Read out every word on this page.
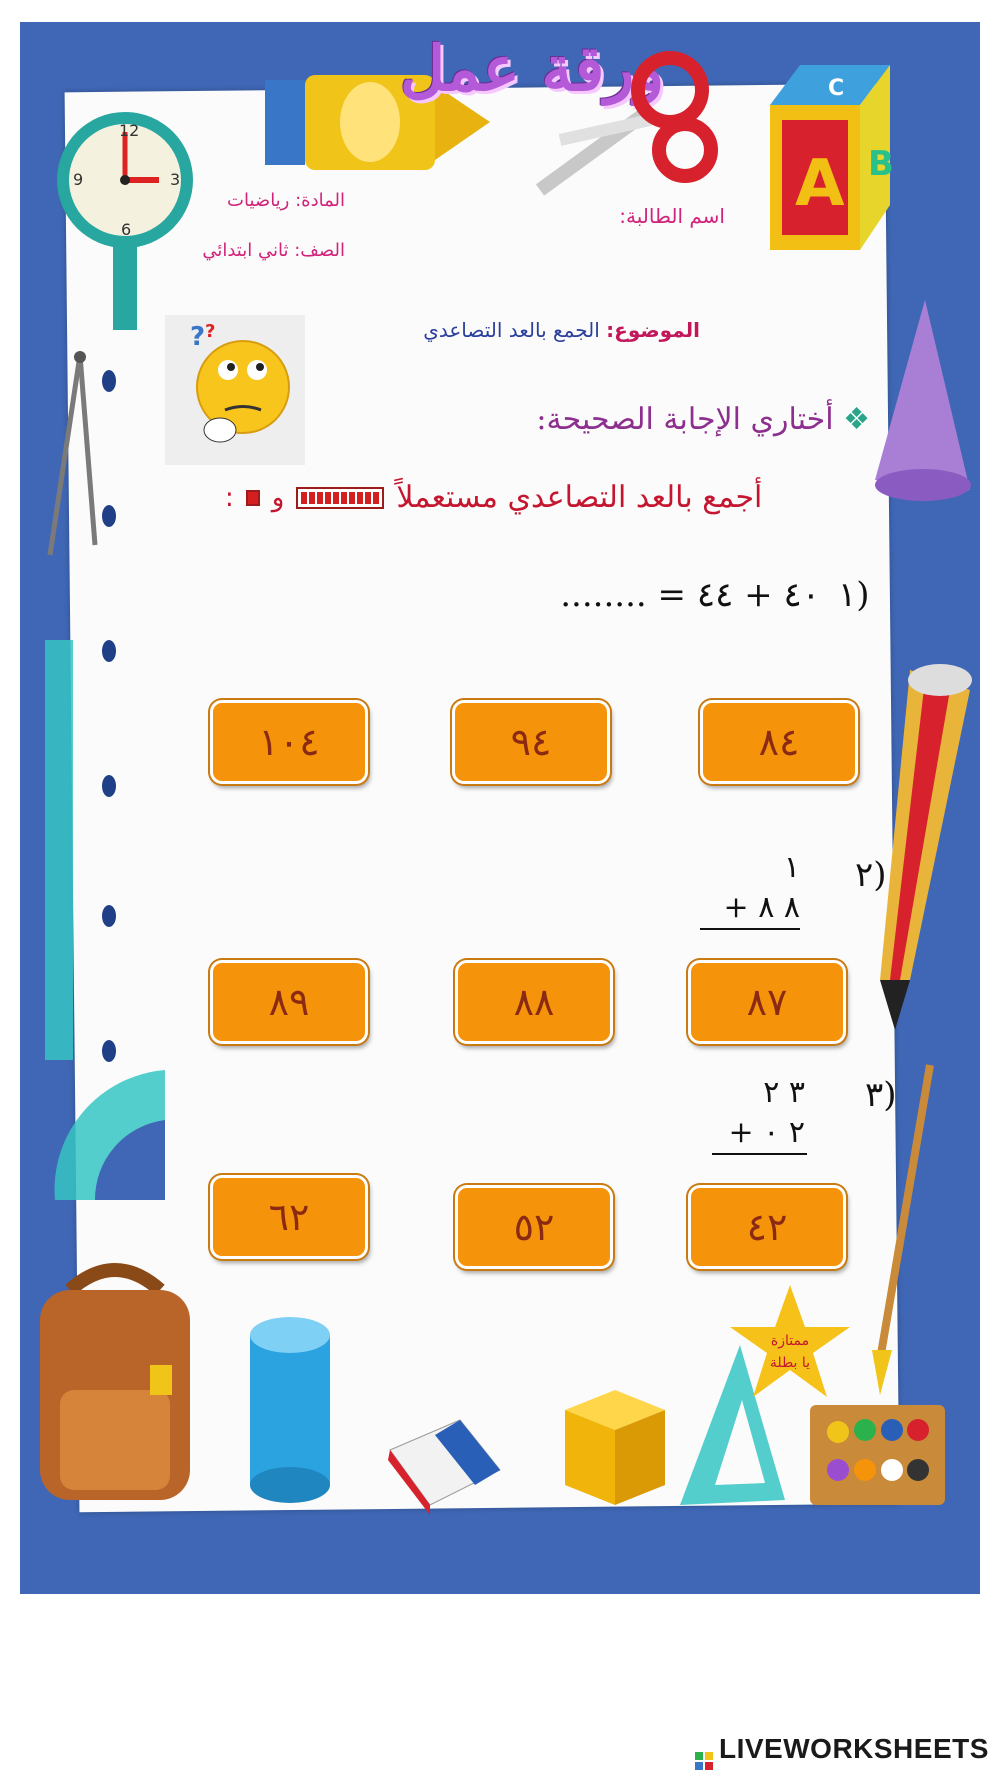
12
3
6
9
ورقة عمل
A B
C
المادة: رياضيات
الصف: ثاني ابتدائي
اسم الطالبة:
الموضوع: الجمع بالعد التصاعدي
? ?
❖ أختاري الإجابة الصحيحة:
أجمع بالعد التصاعدي مستعملاً
و
:
١)
٤٠ + ٤٤ = ........
٨٤
٩٤
١٠٤
٢)
١
+ ٨ ٨
٨٧
٨٨
٨٩
٣)
٣ ٢
+ ٢ ٠
٤٢
٥٢
٦٢
ممتازة
يا بطلة
LIVEWORKSHEETS
